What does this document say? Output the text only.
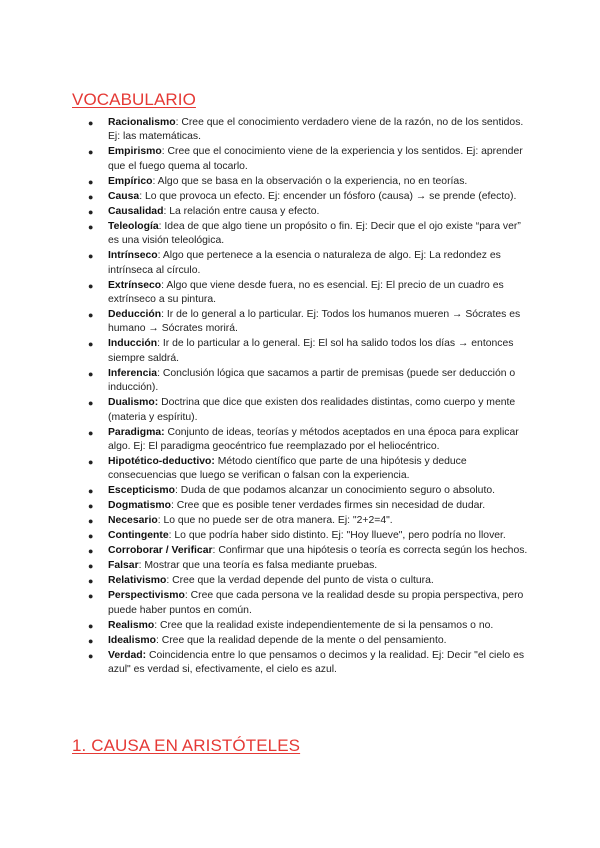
VOCABULARIO
● Racionalismo: Cree que el conocimiento verdadero viene de la razón, no de los sentidos. Ej: las matemáticas.
● Empirismo: Cree que el conocimiento viene de la experiencia y los sentidos. Ej: aprender que el fuego quema al tocarlo.
● Empírico: Algo que se basa en la observación o la experiencia, no en teorías.
● Causa: Lo que provoca un efecto. Ej: encender un fósforo (causa) → se prende (efecto).
● Causalidad: La relación entre causa y efecto.
● Teleología: Idea de que algo tiene un propósito o fin. Ej: Decir que el ojo existe “para ver” es una visión teleológica.
● Intrínseco: Algo que pertenece a la esencia o naturaleza de algo. Ej: La redondez es intrínseca al círculo.
● Extrínseco: Algo que viene desde fuera, no es esencial. Ej: El precio de un cuadro es extrínseco a su pintura.
● Deducción: Ir de lo general a lo particular. Ej: Todos los humanos mueren → Sócrates es humano → Sócrates morirá.
● Inducción: Ir de lo particular a lo general. Ej: El sol ha salido todos los días → entonces siempre saldrá.
● Inferencia: Conclusión lógica que sacamos a partir de premisas (puede ser deducción o inducción).
● Dualismo: Doctrina que dice que existen dos realidades distintas, como cuerpo y mente (materia y espíritu).
● Paradigma: Conjunto de ideas, teorías y métodos aceptados en una época para explicar algo. Ej: El paradigma geocéntrico fue reemplazado por el heliocéntrico.
● Hipotético-deductivo: Método científico que parte de una hipótesis y deduce consecuencias que luego se verifican o falsan con la experiencia.
● Escepticismo: Duda de que podamos alcanzar un conocimiento seguro o absoluto.
● Dogmatismo: Cree que es posible tener verdades firmes sin necesidad de dudar.
● Necesario: Lo que no puede ser de otra manera. Ej: "2+2=4".
● Contingente: Lo que podría haber sido distinto. Ej: "Hoy llueve", pero podría no llover.
● Corroborar / Verificar: Confirmar que una hipótesis o teoría es correcta según los hechos.
● Falsar: Mostrar que una teoría es falsa mediante pruebas.
● Relativismo: Cree que la verdad depende del punto de vista o cultura.
● Perspectivismo: Cree que cada persona ve la realidad desde su propia perspectiva, pero puede haber puntos en común.
● Realismo: Cree que la realidad existe independientemente de si la pensamos o no.
● Idealismo: Cree que la realidad depende de la mente o del pensamiento.
● Verdad: Coincidencia entre lo que pensamos o decimos y la realidad. Ej: Decir "el cielo es azul" es verdad si, efectivamente, el cielo es azul.
1. CAUSA EN ARISTÓTELES
